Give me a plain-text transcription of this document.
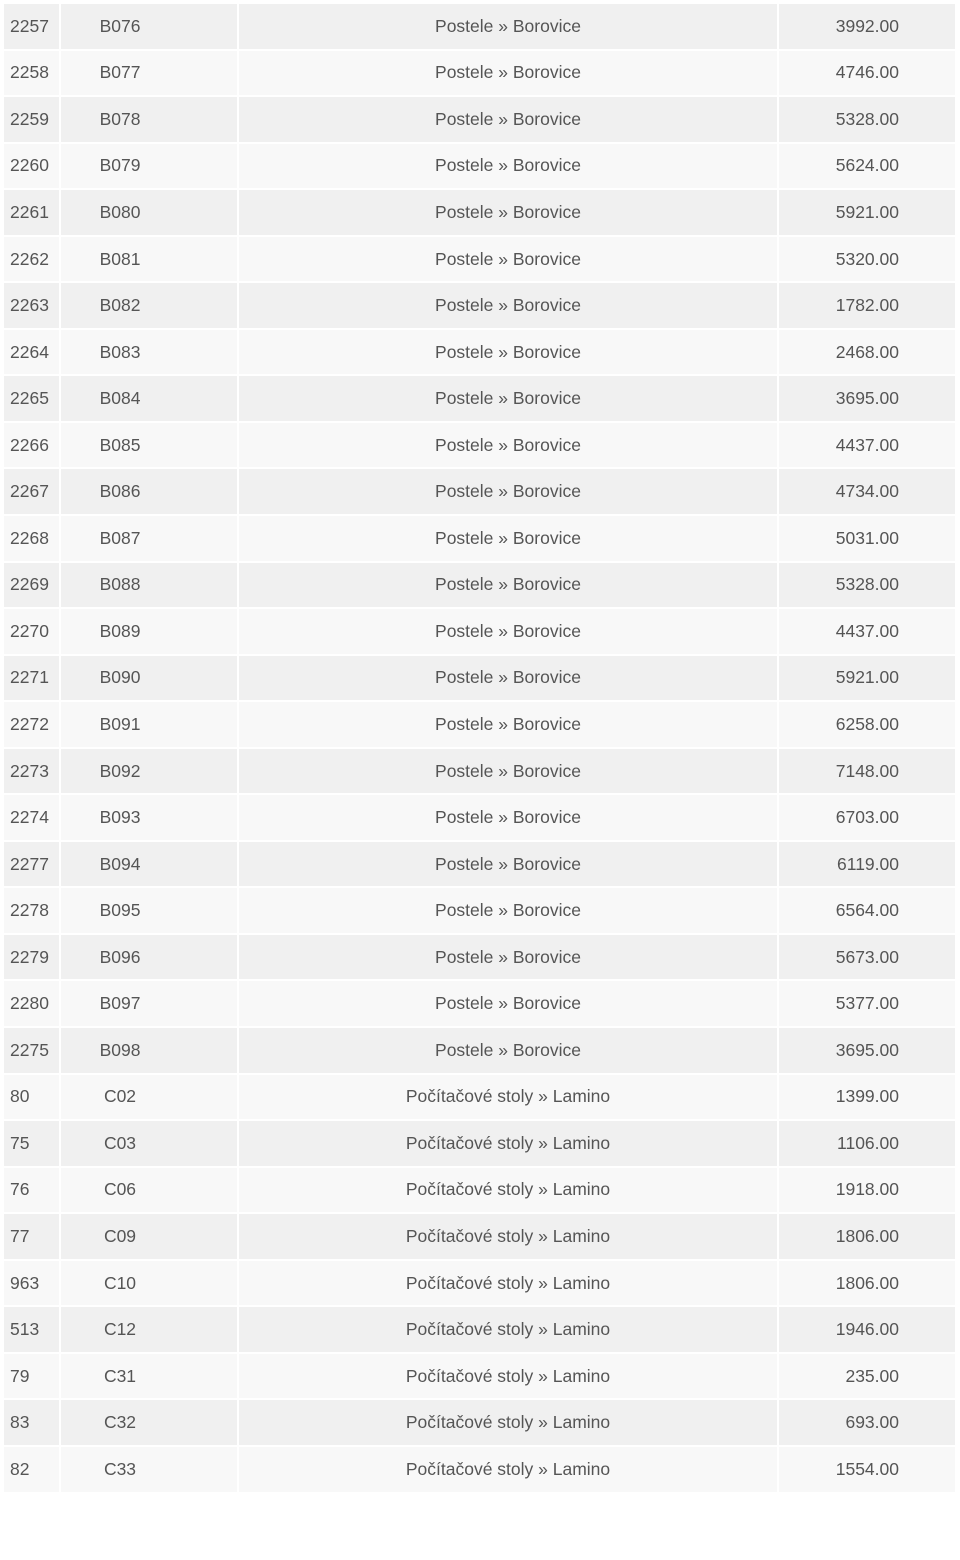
2257	B076	Postele » Borovice	3992.00
2258	B077	Postele » Borovice	4746.00
2259	B078	Postele » Borovice	5328.00
2260	B079	Postele » Borovice	5624.00
2261	B080	Postele » Borovice	5921.00
2262	B081	Postele » Borovice	5320.00
2263	B082	Postele » Borovice	1782.00
2264	B083	Postele » Borovice	2468.00
2265	B084	Postele » Borovice	3695.00
2266	B085	Postele » Borovice	4437.00
2267	B086	Postele » Borovice	4734.00
2268	B087	Postele » Borovice	5031.00
2269	B088	Postele » Borovice	5328.00
2270	B089	Postele » Borovice	4437.00
2271	B090	Postele » Borovice	5921.00
2272	B091	Postele » Borovice	6258.00
2273	B092	Postele » Borovice	7148.00
2274	B093	Postele » Borovice	6703.00
2277	B094	Postele » Borovice	6119.00
2278	B095	Postele » Borovice	6564.00
2279	B096	Postele » Borovice	5673.00
2280	B097	Postele » Borovice	5377.00
2275	B098	Postele » Borovice	3695.00
80	C02	Počítačové stoly » Lamino	1399.00
75	C03	Počítačové stoly » Lamino	1106.00
76	C06	Počítačové stoly » Lamino	1918.00
77	C09	Počítačové stoly » Lamino	1806.00
963	C10	Počítačové stoly » Lamino	1806.00
513	C12	Počítačové stoly » Lamino	1946.00
79	C31	Počítačové stoly » Lamino	235.00
83	C32	Počítačové stoly » Lamino	693.00
82	C33	Počítačové stoly » Lamino	1554.00
